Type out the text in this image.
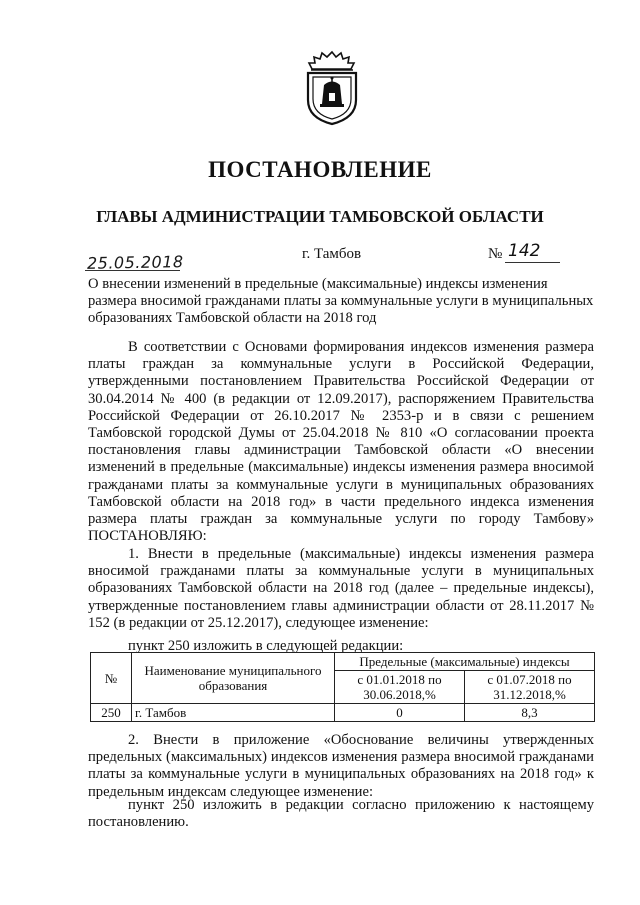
ПОСТАНОВЛЕНИЕ
ГЛАВЫ АДМИНИСТРАЦИИ ТАМБОВСКОЙ ОБЛАСТИ
25.05.2018	г. Тамбов	№ 142
О внесении изменений в предельные (максимальные) индексы изменения размера вносимой гражданами платы за коммунальные услуги в муниципальных образованиях Тамбовской области на 2018 год
В соответствии с Основами формирования индексов изменения размера платы граждан за коммунальные услуги в Российской Федерации, утвержденными постановлением Правительства Российской Федерации от 30.04.2014 № 400 (в редакции от 12.09.2017), распоряжением Правительства Российской Федерации от 26.10.2017 № 2353-р и в связи с решением Тамбовской городской Думы от 25.04.2018 № 810 «О согласовании проекта постановления главы администрации Тамбовской области «О внесении изменений в предельные (максимальные) индексы изменения размера вносимой гражданами платы за коммунальные услуги в муниципальных образованиях Тамбовской области на 2018 год» в части предельного индекса изменения размера платы граждан за коммунальные услуги по городу Тамбову» ПОСТАНОВЛЯЮ:
1. Внести в предельные (максимальные) индексы изменения размера вносимой гражданами платы за коммунальные услуги в муниципальных образованиях Тамбовской области на 2018 год (далее – предельные индексы), утвержденные постановлением главы администрации области от 28.11.2017 № 152 (в редакции от 25.12.2017), следующее изменение:
пункт 250 изложить в следующей редакции:
№	Наименование муниципального образования	Предельные (максимальные) индексы	
		с 01.01.2018 по 30.06.2018,%	с 01.07.2018 по 31.12.2018,%
250	г. Тамбов	0	8,3
2. Внести в приложение «Обоснование величины утвержденных предельных (максимальных) индексов изменения размера вносимой гражданами платы за коммунальные услуги в муниципальных образованиях на 2018 год» к предельным индексам следующее изменение:
пункт 250 изложить в редакции согласно приложению к настоящему постановлению.
